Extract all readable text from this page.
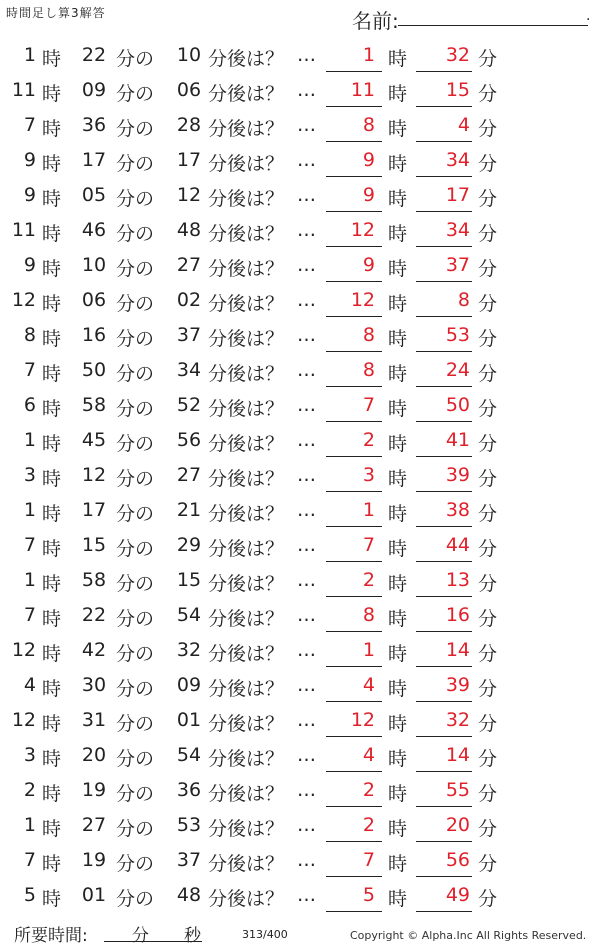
時間足し算3解答	名前:	.
1 時	22 分の	10 分後は？ … 1 時 32 分
11 時	09 分の	06 分後は？ … 11 時 15 分
7 時	36 分の	28 分後は？ … 8 時	4 分
9 時	17 分の	17 分後は？ … 9 時 34 分
9 時	05 分の	12 分後は？ … 9 時 17 分
11 時	46 分の	48 分後は？ … 12 時 34 分
9 時	10 分の	27 分後は？ … 9 時 37 分
12 時	06 分の	02 分後は？ … 12 時	8 分
8 時	16 分の	37 分後は？ … 8 時 53 分
7 時	50 分の	34 分後は？ … 8 時 24 分
6 時	58 分の	52 分後は？ … 7 時 50 分
1 時	45 分の	56 分後は？ … 2 時 41 分
3 時	12 分の	27 分後は？ … 3 時 39 分
1 時	17 分の	21 分後は？ … 1 時 38 分
7 時	15 分の	29 分後は？ … 7 時 44 分
1 時	58 分の	15 分後は？ … 2 時 13 分
7 時	22 分の	54 分後は？ … 8 時 16 分
12 時	42 分の	32 分後は？ … 1 時 14 分
4 時	30 分の	09 分後は？ … 4 時 39 分
12 時	31 分の	01 分後は？ … 12 時 32 分
3 時	20 分の	54 分後は？ … 4 時 14 分
2 時	19 分の	36 分後は？ … 2 時 55 分
1 時	27 分の	53 分後は？ … 2 時 20 分
7 時	19 分の	37 分後は？ … 7 時 56 分
5 時	01 分の	48 分後は？ … 5 時 49 分
所要時間:	分 秒	313/400	Copyright © Alpha.Inc All Rights Reserved.
